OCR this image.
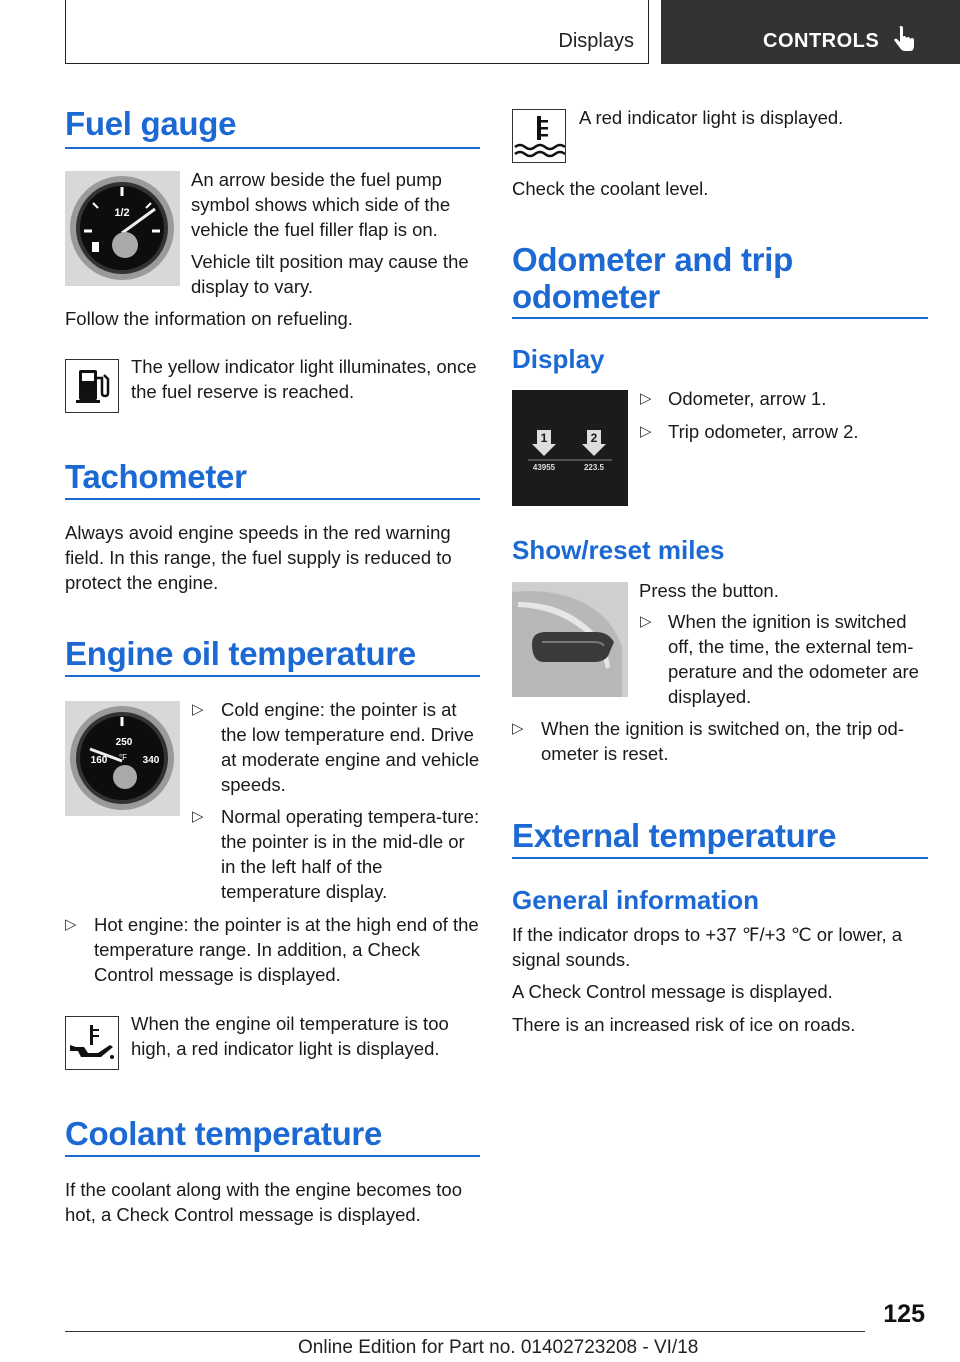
Displays	CONTROLS
Fuel gauge
1/2

An arrow beside the fuel pump symbol shows which side of the vehicle the fuel filler flap is on.

Vehicle tilt position may cause the display to vary.

Follow the information on refueling.

The yellow indicator light illuminates, once the fuel reserve is reached.

Tachometer

Always avoid engine speeds in the red warning field. In this range, the fuel supply is reduced to protect the engine.

Engine oil temperature
250
°F
160	340
▷ Cold engine: the pointer is at the low temperature end. Drive at moderate engine and vehicle speeds.
▷ Normal operating tempera-ture: the pointer is in the mid-dle or in the left half of the temperature display.
▷ Hot engine: the pointer is at the high end of the temperature range. In addition, a Check Control message is displayed.

When the engine oil temperature is too high, a red indicator light is displayed.

Coolant temperature

If the coolant along with the engine becomes too hot, a Check Control message is displayed.

A red indicator light is displayed.

Check the coolant level.

Odometer and trip odometer
Display
1	2
43955	223.5
▷ Odometer, arrow 1.
▷ Trip odometer, arrow 2.
Show/reset miles

Press the button.

▷ When the ignition is switched off, the time, the external tem-perature and the odometer are displayed.
▷ When the ignition is switched on, the trip od-ometer is reset.
External temperature
General information

If the indicator drops to +37 ℉/+3 ℃ or lower, a signal sounds.

A Check Control message is displayed.

There is an increased risk of ice on roads.

125
Online Edition for Part no. 01402723208 - VI/18
